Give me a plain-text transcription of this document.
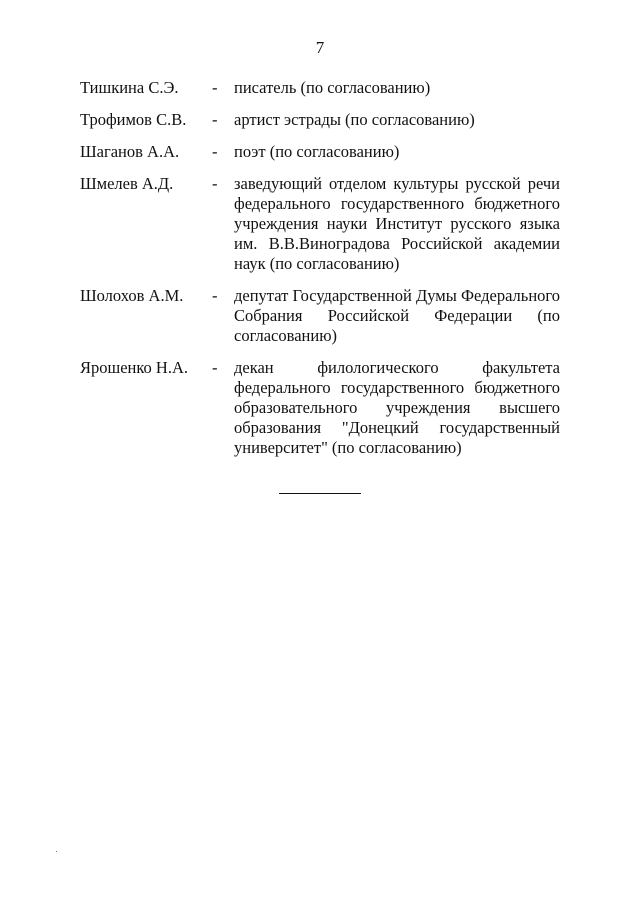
7
Тишкина С.Э.	-	писатель (по согласованию)
Трофимов С.В.	-	артист эстрады (по согласованию)
Шаганов А.А.	-	поэт (по согласованию)
Шмелев А.Д.	-	заведующий отделом культуры русской речи федерального государственного бюджетного учреждения науки Институт русского языка им. В.В.Виноградова Российской академии наук (по согласованию)
Шолохов А.М.	-	депутат Государственной Думы Федерального Собрания Российской Федерации (по согласованию)
Ярошенко Н.А.	-	декан филологического факультета федерального государственного бюджетного образовательного учреждения высшего образования "Донецкий государственный университет" (по согласованию)
